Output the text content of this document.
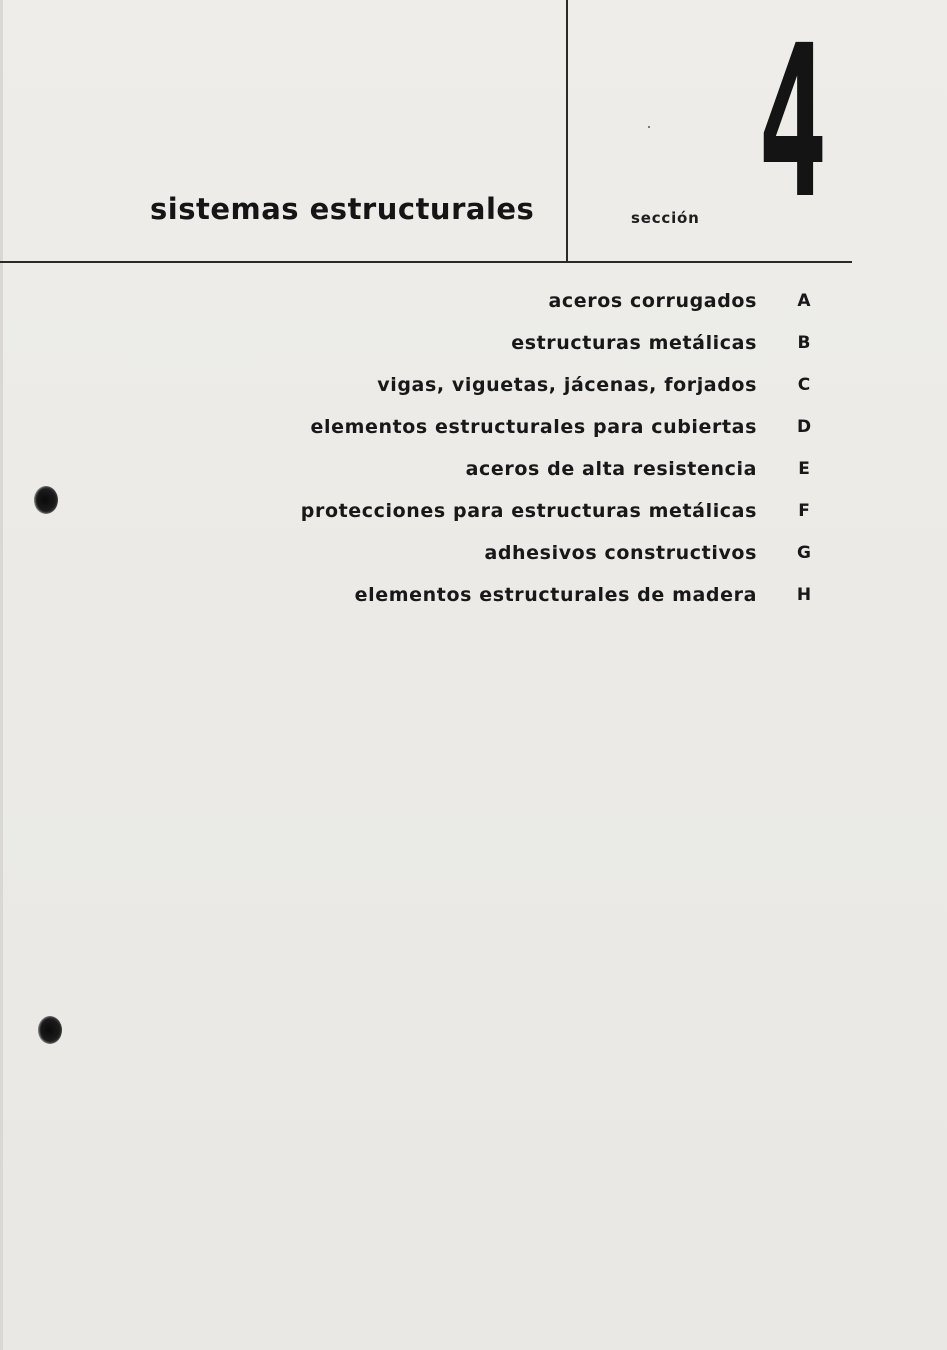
sistemas estructurales	sección 4
aceros corrugados A
estructuras metálicas B
vigas, viguetas, jácenas, forjados C
elementos estructurales para cubiertas D
aceros de alta resistencia E
protecciones para estructuras metálicas F
adhesivos constructivos G
elementos estructurales de madera H
